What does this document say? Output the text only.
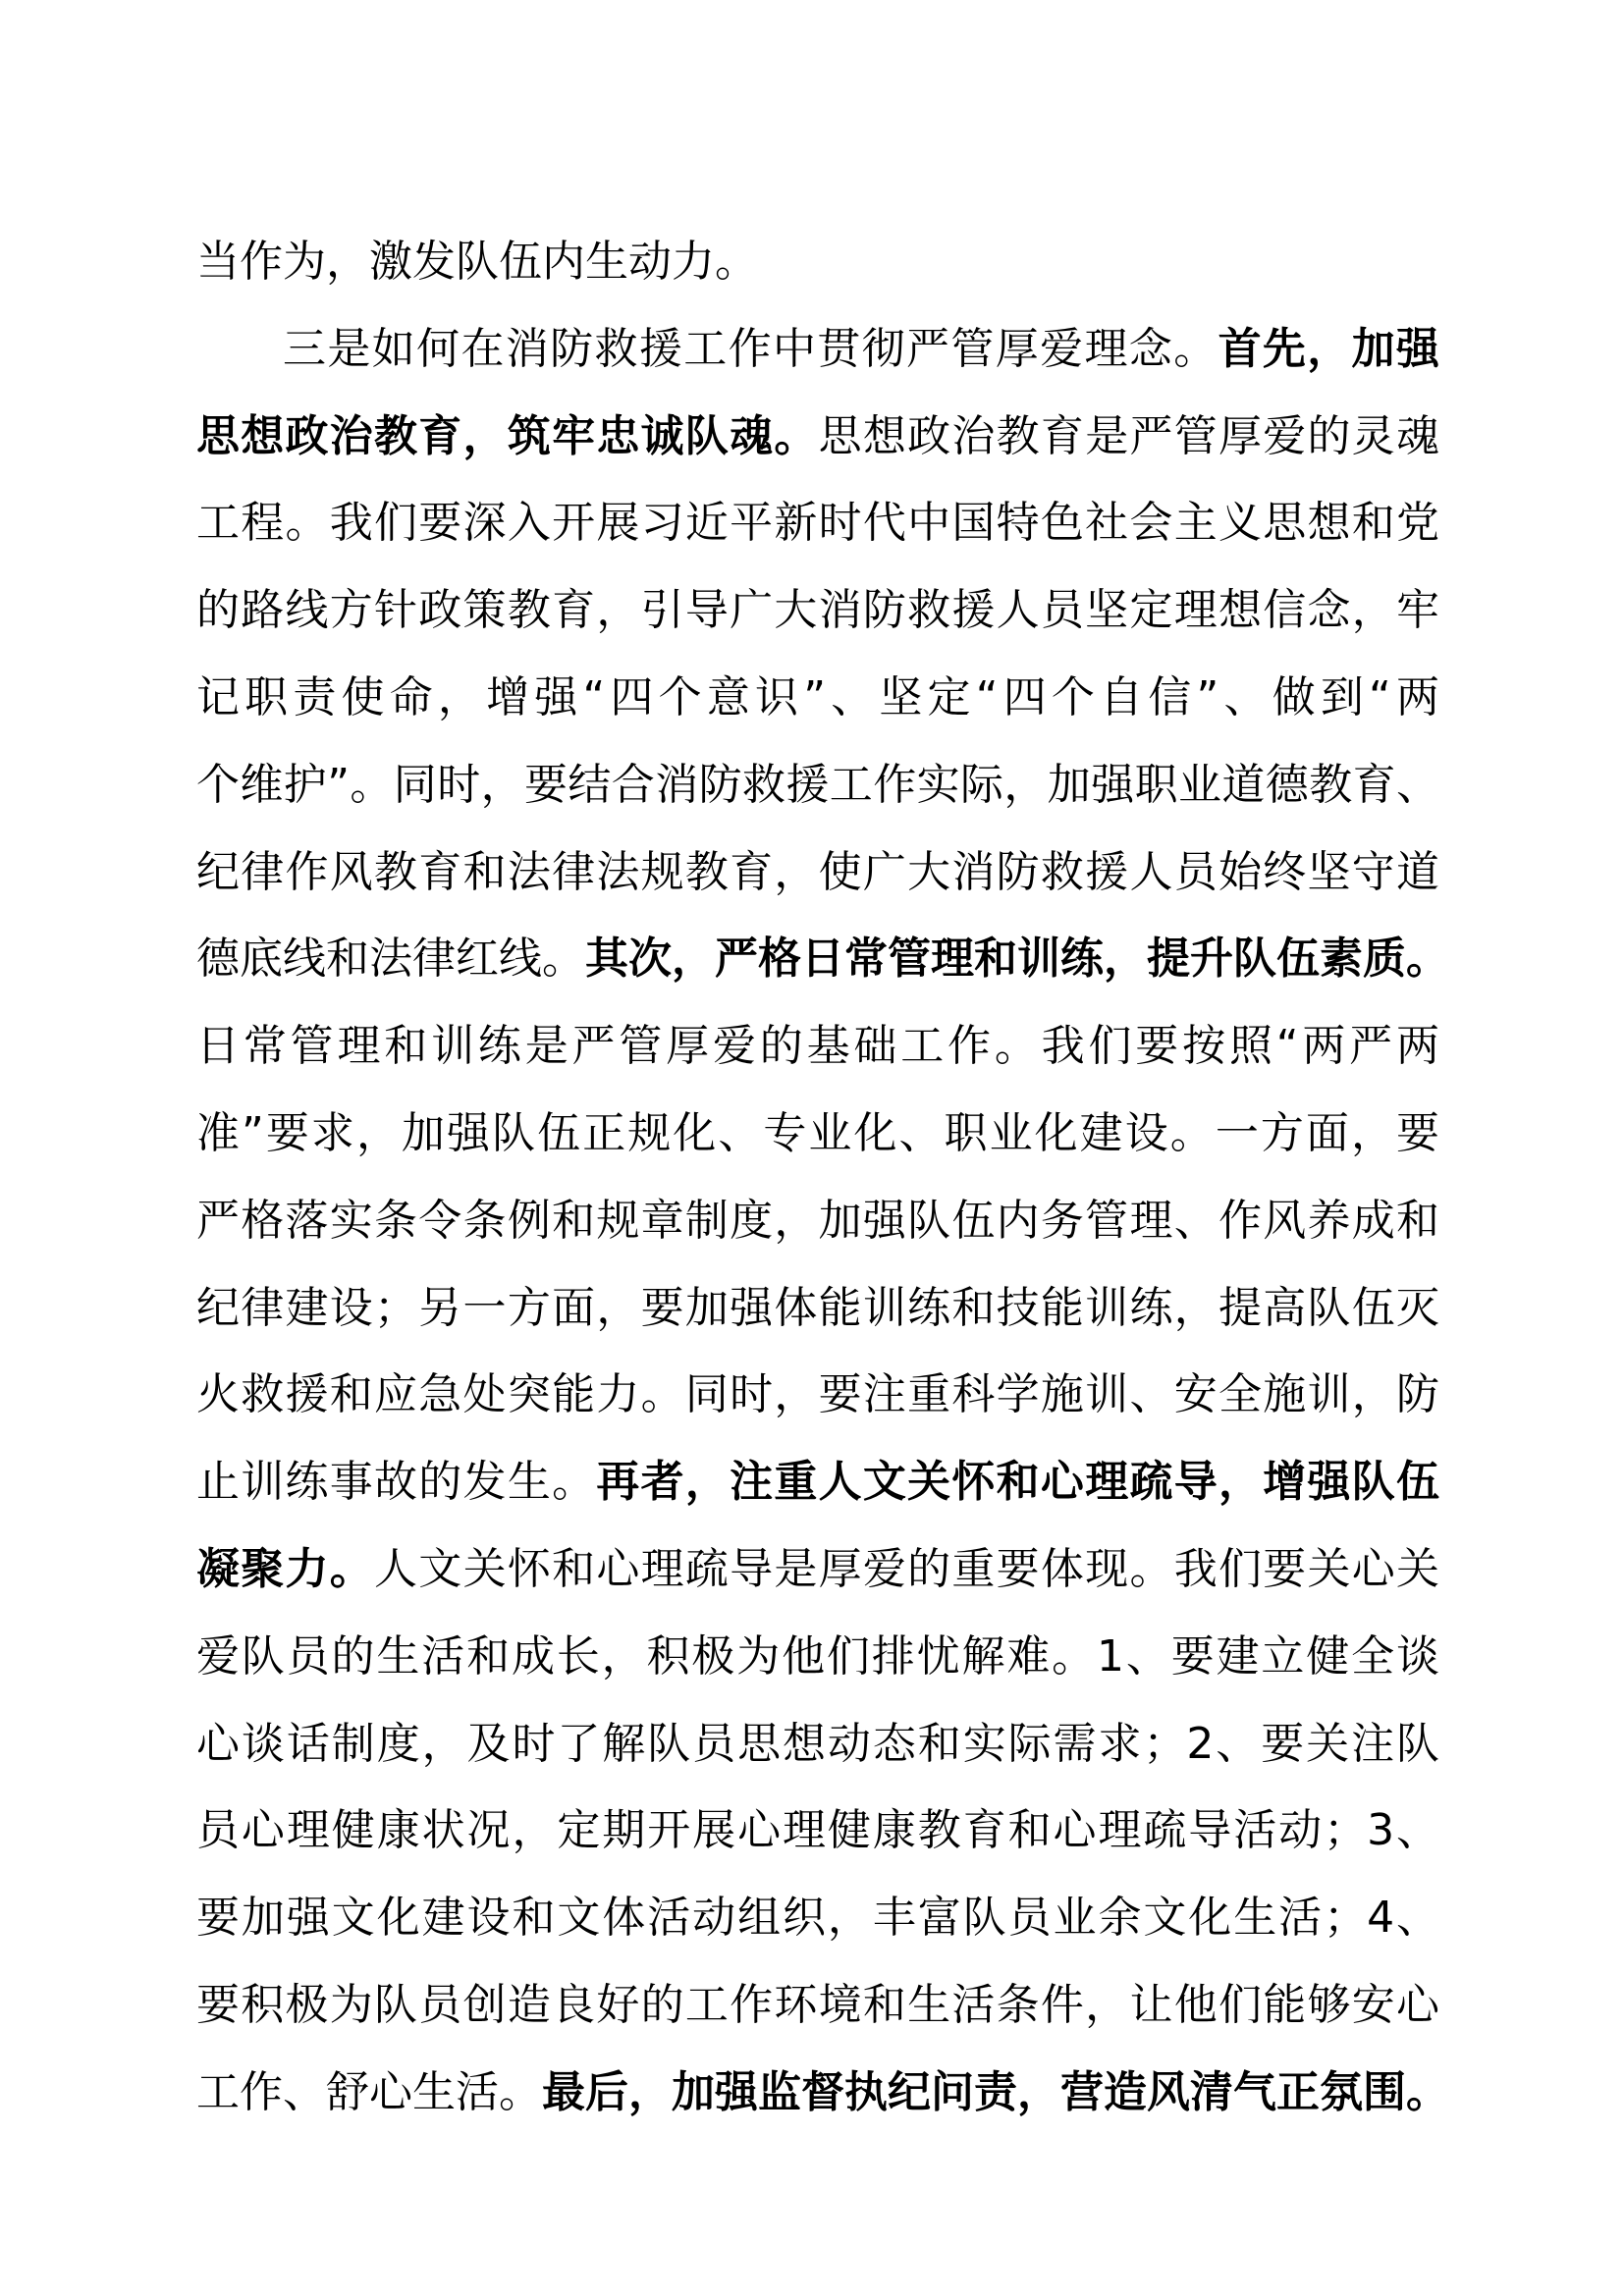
当作为，激发队伍内生动力。
三是如何在消防救援工作中贯彻严管厚爱理念。首先，加强
思想政治教育，筑牢忠诚队魂。思想政治教育是严管厚爱的灵魂
工程。我们要深入开展习近平新时代中国特色社会主义思想和党
的路线方针政策教育，引导广大消防救援人员坚定理想信念，牢
记职责使命，增强“四个意识”、坚定“四个自信”、做到“两
个维护”。同时，要结合消防救援工作实际，加强职业道德教育、
纪律作风教育和法律法规教育，使广大消防救援人员始终坚守道
德底线和法律红线。其次，严格日常管理和训练，提升队伍素质。
日常管理和训练是严管厚爱的基础工作。我们要按照“两严两
准”要求，加强队伍正规化、专业化、职业化建设。一方面，要
严格落实条令条例和规章制度，加强队伍内务管理、作风养成和
纪律建设；另一方面，要加强体能训练和技能训练，提高队伍灭
火救援和应急处突能力。同时，要注重科学施训、安全施训，防
止训练事故的发生。再者，注重人文关怀和心理疏导，增强队伍
凝聚力。人文关怀和心理疏导是厚爱的重要体现。我们要关心关
爱队员的生活和成长，积极为他们排忧解难。1、要建立健全谈
心谈话制度，及时了解队员思想动态和实际需求；2、要关注队
员心理健康状况，定期开展心理健康教育和心理疏导活动；3、
要加强文化建设和文体活动组织，丰富队员业余文化生活；4、
要积极为队员创造良好的工作环境和生活条件，让他们能够安心
工作、舒心生活。最后，加强监督执纪问责，营造风清气正氛围。
